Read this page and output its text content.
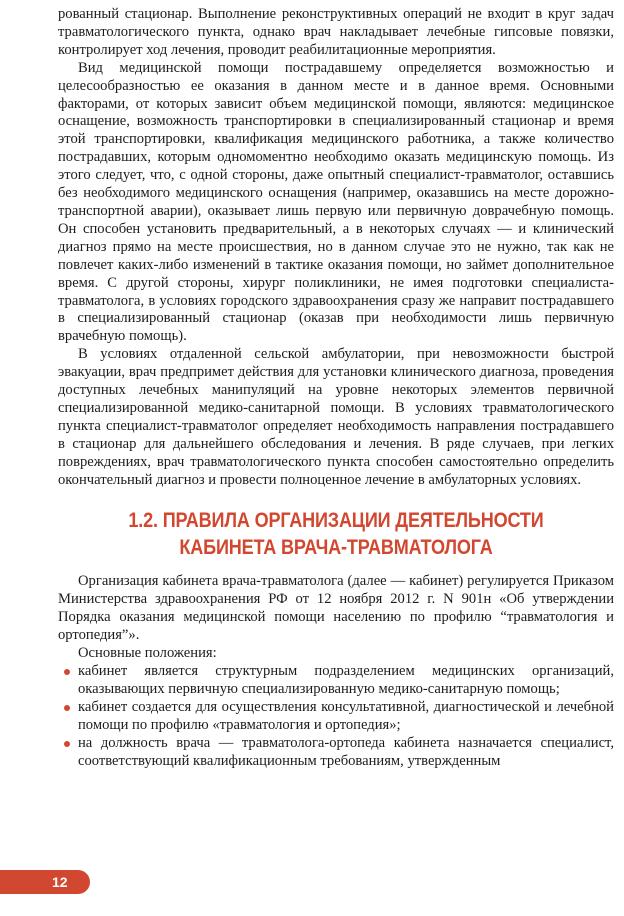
рованный стационар. Выполнение реконструктивных операций не входит в круг задач травматологического пункта, однако врач накладывает лечебные гипсовые повязки, контролирует ход лечения, проводит реабилитационные мероприятия.

Вид медицинской помощи пострадавшему определяется возможностью и целесообразностью ее оказания в данном месте и в данное время. Основными факторами, от которых зависит объем медицинской помощи, являются: медицинское оснащение, возможность транспортировки в специализированный стационар и время этой транспортировки, квалификация медицинского работника, а также количество пострадавших, которым одномоментно необходимо оказать медицинскую помощь. Из этого следует, что, с одной стороны, даже опытный специалист-травматолог, оставшись без необходимого медицинского оснащения (например, оказавшись на месте дорожно-транспортной аварии), оказывает лишь первую или первичную доврачебную помощь. Он способен установить предварительный, а в некоторых случаях — и клинический диагноз прямо на месте происшествия, но в данном случае это не нужно, так как не повлечет каких-либо изменений в тактике оказания помощи, но займет дополнительное время. С другой стороны, хирург поликлиники, не имея подготовки специалиста-травматолога, в условиях городского здравоохранения сразу же направит пострадавшего в специализированный стационар (оказав при необходимости лишь первичную врачебную помощь).

В условиях отдаленной сельской амбулатории, при невозможности быстрой эвакуации, врач предпримет действия для установки клинического диагноза, проведения доступных лечебных манипуляций на уровне некоторых элементов первичной специализированной медико-санитарной помощи. В условиях травматологического пункта специалист-травматолог определяет необходимость направления пострадавшего в стационар для дальнейшего обследования и лечения. В ряде случаев, при легких повреждениях, врач травматологического пункта способен самостоятельно определить окончательный диагноз и провести полноценное лечение в амбулаторных условиях.

1.2. ПРАВИЛА ОРГАНИЗАЦИИ ДЕЯТЕЛЬНОСТИ
КАБИНЕТА ВРАЧА-ТРАВМАТОЛОГА

Организация кабинета врача-травматолога (далее — кабинет) регулируется Приказом Министерства здравоохранения РФ от 12 ноября 2012 г. N 901н «Об утверждении Порядка оказания медицинской помощи населению по профилю “травматология и ортопедия”».

Основные положения:

кабинет является структурным подразделением медицинских организаций, оказывающих первичную специализированную медико-санитарную помощь;
кабинет создается для осуществления консультативной, диагностической и лечебной помощи по профилю «травматология и ортопедия»;
на должность врача — травматолога-ортопеда кабинета назначается специалист, соответствующий квалификационным требованиям, утвержденным
12
